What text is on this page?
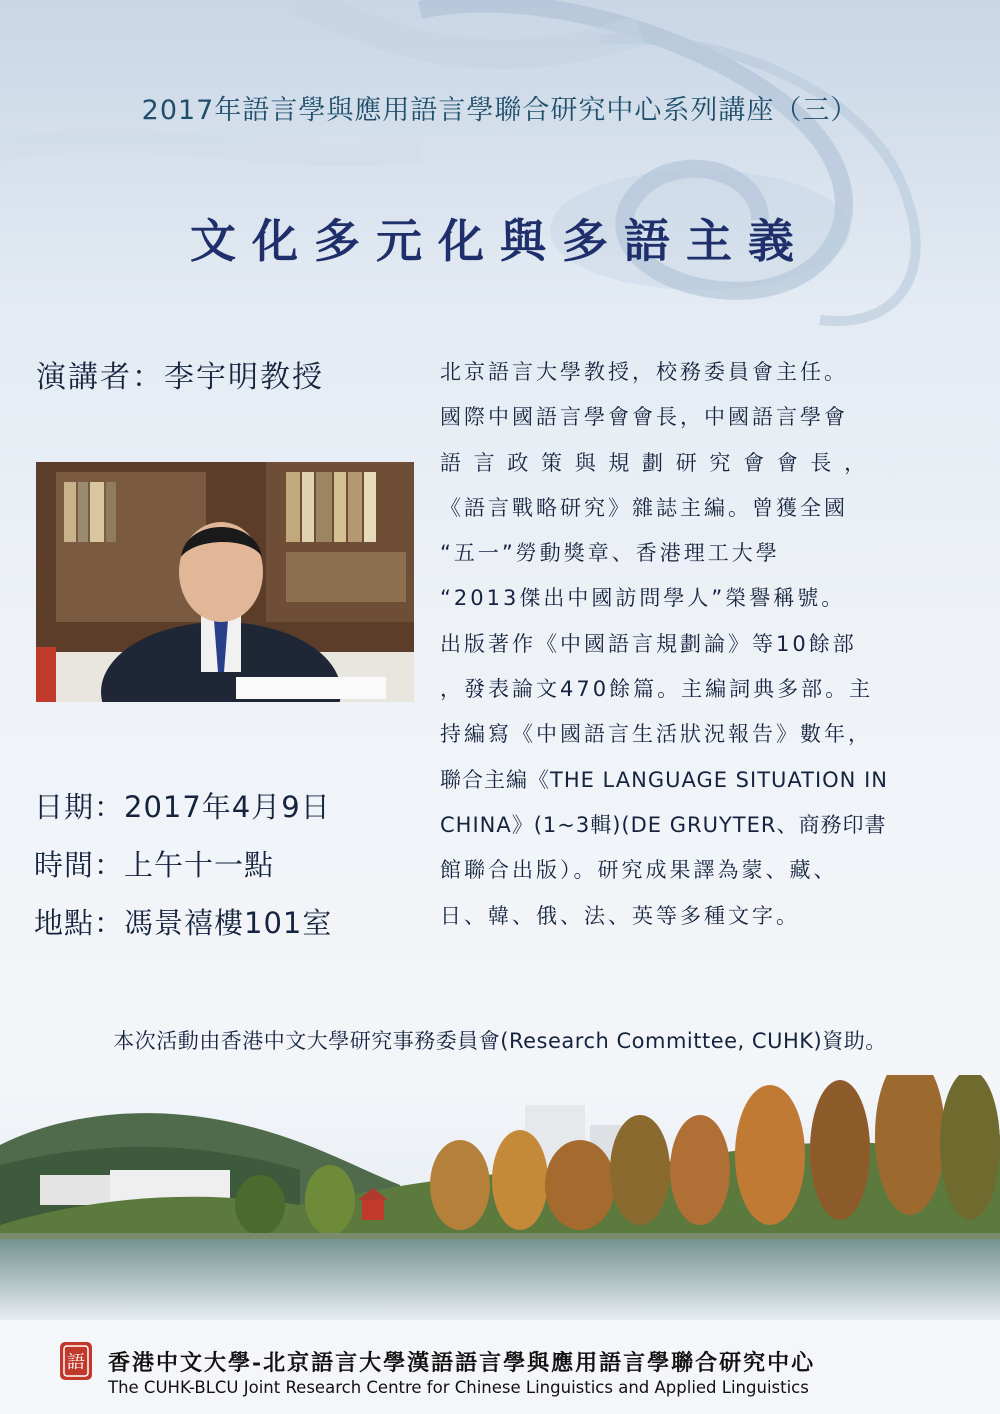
2017年語言學與應用語言學聯合研究中心系列講座（三）
文化多元化與多語主義
演講者：李宇明教授	北京語言大學教授，校務委員會主任。
國際中國語言學會會長，中國語言學會
語 言 政 策 與 規 劃 研 究 會 會 長 ，
《語言戰略研究》雜誌主編。曾獲全國
“五一”勞動獎章、香港理工大學
“2013傑出中國訪問學人”榮譽稱號。
出版著作《中國語言規劃論》等10餘部
，發表論文470餘篇。主編詞典多部。主
持編寫《中國語言生活狀況報告》數年，
聯合主編《THE LANGUAGE SITUATION IN
CHINA》(1~3輯)(DE GRUYTER、商務印書
館聯合出版）。研究成果譯為蒙、藏、
日、韓、俄、法、英等多種文字。
日期：2017年4月9日
時間：上午十一點
地點：馮景禧樓101室
本次活動由香港中文大學研究事務委員會(Research Committee, CUHK)資助。
語 香港中文大學-北京語言大學漢語語言學與應用語言學聯合研究中心
The CUHK-BLCU Joint Research Centre for Chinese Linguistics and Applied Linguistics
